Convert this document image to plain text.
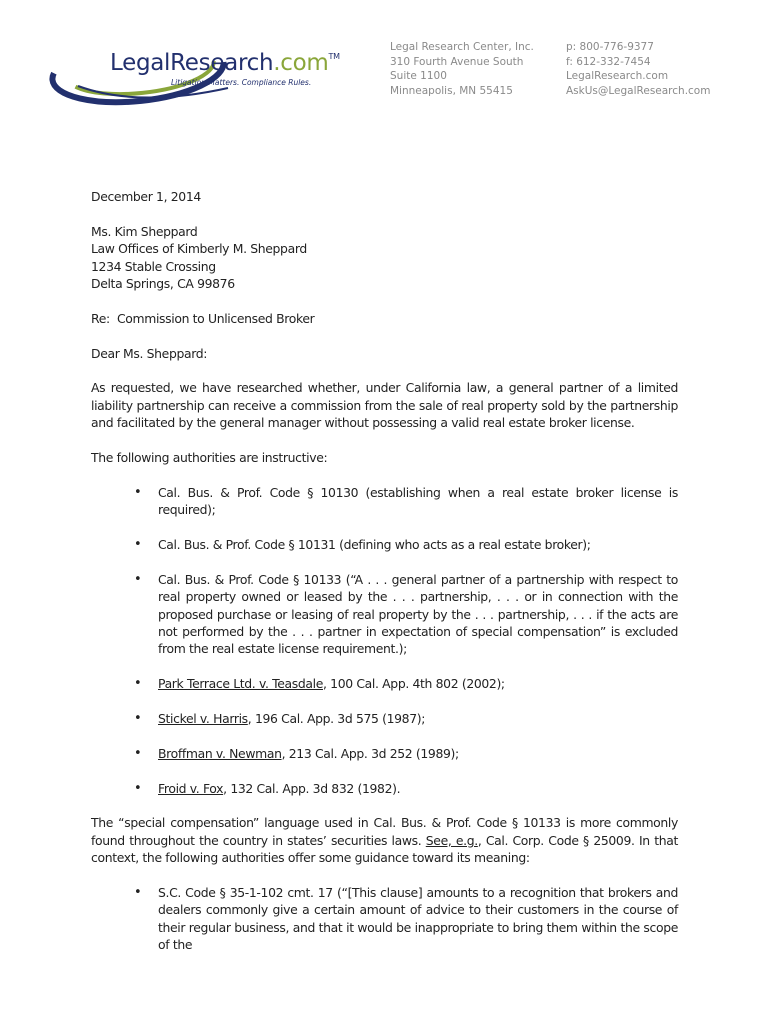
LegalResearch.com™
Litigation Matters. Compliance Rules.
Legal Research Center, Inc.
310 Fourth Avenue South
Suite 1100
Minneapolis, MN 55415
p: 800-776-9377
f: 612-332-7454
LegalResearch.com
AskUs@LegalResearch.com

December 1, 2014

Ms. Kim Sheppard
Law Offices of Kimberly M. Sheppard
1234 Stable Crossing
Delta Springs, CA 99876

Re:  Commission to Unlicensed Broker

Dear Ms. Sheppard:

As requested, we have researched whether, under California law, a general partner of a limited liability partnership can receive a commission from the sale of real property sold by the partnership and facilitated by the general manager without possessing a valid real estate broker license.

The following authorities are instructive:

• Cal. Bus. & Prof. Code § 10130 (establishing when a real estate broker license is required);
• Cal. Bus. & Prof. Code § 10131 (defining who acts as a real estate broker);
• Cal. Bus. & Prof. Code § 10133 (“A . . . general partner of a partnership with respect to real property owned or leased by the . . . partnership, . . . or in connection with the proposed purchase or leasing of real property by the . . . partnership, . . . if the acts are not performed by the . . . partner in expectation of special compensation” is excluded from the real estate license requirement.);
• Park Terrace Ltd. v. Teasdale, 100 Cal. App. 4th 802 (2002);
• Stickel v. Harris, 196 Cal. App. 3d 575 (1987);
• Broffman v. Newman, 213 Cal. App. 3d 252 (1989);
• Froid v. Fox, 132 Cal. App. 3d 832 (1982).

The “special compensation” language used in Cal. Bus. & Prof. Code § 10133 is more commonly found throughout the country in states’ securities laws. See, e.g., Cal. Corp. Code § 25009. In that context, the following authorities offer some guidance toward its meaning:

• S.C. Code § 35-1-102 cmt. 17 (“[This clause] amounts to a recognition that brokers and dealers commonly give a certain amount of advice to their customers in the course of their regular business, and that it would be inappropriate to bring them within the scope of the
